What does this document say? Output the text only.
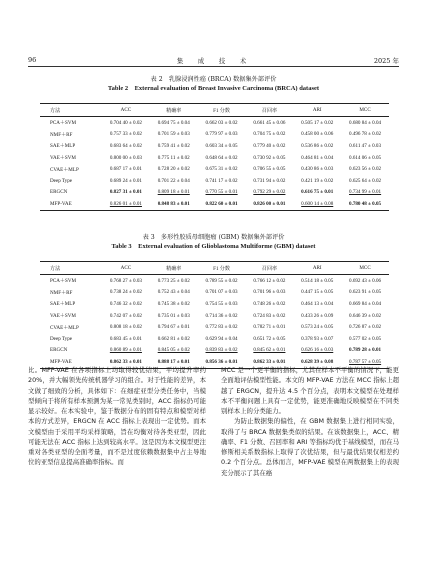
96	集　成　技　术	2025 年
表 2　乳腺浸润性癌 (BRCA) 数据集外部评价
Table 2　External evaluation of Breast Invasive Carcinoma (BRCA) dataset
方法	ACC	精确率	F1 分数	召回率	ARI	MCC
PCA＋SVM	0.704 40 ± 0.02	0.694 75 ± 0.04	0.662 03 ± 0.02	0.661 45 ± 0.06	0.505 17 ± 0.02	0.680 84 ± 0.04
NMF＋RF	0.757 33 ± 0.02	0.701 59 ± 0.03	0.779 97 ± 0.03	0.704 75 ± 0.02	0.458 00 ± 0.06	0.496 78 ± 0.02
SAE＋MLP	0.683 64 ± 0.02	0.759 41 ± 0.02	0.603 34 ± 0.05	0.779 40 ± 0.02	0.536 86 ± 0.02	0.611 47 ± 0.03
VAE＋SVM	0.800 00 ± 0.03	0.775 11 ± 0.02	0.648 64 ± 0.02	0.730 92 ± 0.05	0.464 81 ± 0.04	0.614 06 ± 0.05
CVAE＋MLP	0.687 17 ± 0.01	0.728 20 ± 0.02	0.675 31 ± 0.02	0.706 55 ± 0.05	0.430 86 ± 0.03	0.623 56 ± 0.02
Deep Type	0.689 24 ± 0.01	0.701 22 ± 0.04	0.741 17 ± 0.02	0.731 94 ± 0.02	0.421 19 ± 0.02	0.625 64 ± 0.02
ERGCN	0.827 31 ± 0.01	0.809 18 ± 0.01	0.770 55 ± 0.01	0.792 29 ± 0.02	0.616 75 ± 0.01	0.734 99 ± 0.01
MFP-VAE	0.826 01 ± 0.01	0.848 83 ± 0.01	0.822 60 ± 0.01	0.826 00 ± 0.01	0.600 14 ± 0.08	0.780 48 ± 0.05
表 3　多形性胶质母细胞瘤 (GBM) 数据集外部评价
Table 3　External evaluation of Glioblastoma Multiforme (GBM) dataset
方法	ACC	精确率	F1 分数	召回率	ARI	MCC
PCA＋SVM	0.768 27 ± 0.03	0.773 25 ± 0.02	0.789 55 ± 0.02	0.766 12 ± 0.02	0.514 18 ± 0.05	0.692 43 ± 0.06
NMF＋RF	0.738 24 ± 0.02	0.752 43 ± 0.04	0.701 07 ± 0.03	0.701 96 ± 0.03	0.447 15 ± 0.05	0.623 91 ± 0.05
SAE＋MLP	0.746 32 ± 0.02	0.745 38 ± 0.02	0.754 55 ± 0.03	0.748 26 ± 0.02	0.464 13 ± 0.04	0.669 84 ± 0.04
VAE＋SVM	0.742 07 ± 0.02	0.735 01 ± 0.03	0.714 36 ± 0.02	0.724 83 ± 0.02	0.433 26 ± 0.09	0.646 39 ± 0.02
CVAE＋MLP	0.808 18 ± 0.02	0.794 67 ± 0.01	0.772 83 ± 0.02	0.782 71 ± 0.01	0.573 24 ± 0.05	0.726 87 ± 0.02
Deep Type	0.683 45 ± 0.01	0.662 81 ± 0.02	0.629 94 ± 0.04	0.651 72 ± 0.05	0.378 93 ± 0.07	0.577 02 ± 0.05
ERGCN	0.860 89 ± 0.01	0.845 05 ± 0.02	0.839 83 ± 0.02	0.845 62 ± 0.01	0.626 16 ± 0.03	0.789 28 ± 0.01
MFP-VAE	0.862 33 ± 0.01	0.888 17 ± 0.01	0.856 36 ± 0.01	0.862 33 ± 0.01	0.628 39 ± 0.08	0.787 57 ± 0.05

比。MFP-VAE 在各项指标上均取得较优结果，平均提升率约 20%，并大幅领先传统机器学习的组合。对于性能的差异，本文做了细致的分析，具体如下：在细症亚型分类任务中，当模型倾向于将所有样本预测为某一常见类别时，ACC 指标仍可能显示较好。在本实验中，鉴于数据分布的固有特点和模型对样本的方式差异，ERGCN 在 ACC 指标上表现出一定优势。而本文模型由于采用平均采样策略，旨在均衡对待各类亚型，因此可能无法在 ACC 指标上达到较高水平。这是因为本文模型更注重对各类亚型的全面考量，而不是过度依赖数据集中占主导地位的亚型信息提高准确率指标。而

MCC 是一个更平衡的指标，尤其在样本不平衡的情况下，能更全面地评估模型性能。本文的 MFP-VAE 方法在 MCC 指标上超越了 ERGCN，提升达 4.5 个百分点，表明本文模型在处理样本不平衡问题上具有一定优势，能更准确地反映模型在不同类别样本上的分类能力。

为防止数据集的偏性，在 GBM 数据集上进行相同实验，取得了与 BRCA 数据集类似的结果。在该数据集上，ACC、精确率、F1 分数、召回率和 ARI 等指标均优于基线模型，而在马修斯相关系数指标上取得了次优结果，但与最优结果仅相差约 0.2 个百分点。总体而言，MFP-VAE 模型在两数据集上的表现充分展示了其在癌
